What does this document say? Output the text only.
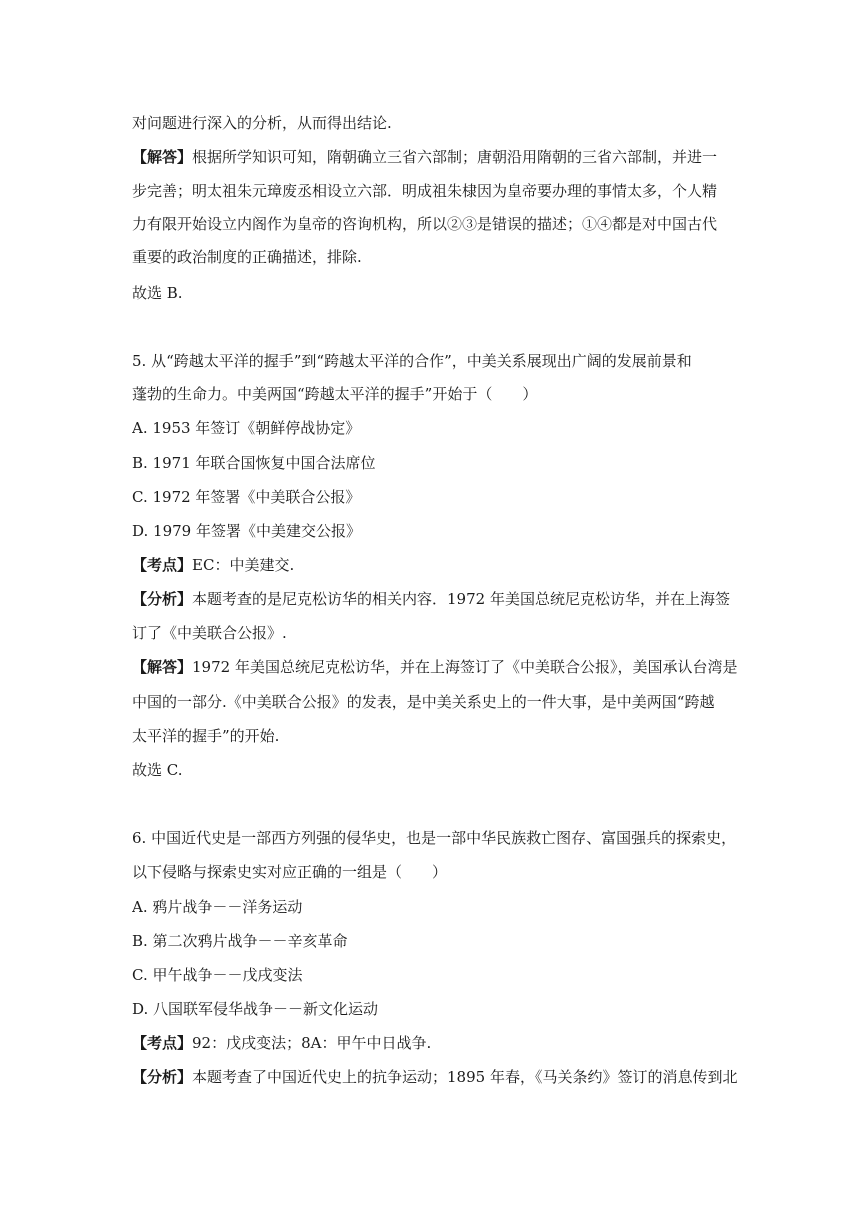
对问题进行深入的分析，从而得出结论.
【解答】根据所学知识可知，隋朝确立三省六部制；唐朝沿用隋朝的三省六部制，并进一
步完善；明太祖朱元璋废丞相设立六部．明成祖朱棣因为皇帝要办理的事情太多，个人精
力有限开始设立内阁作为皇帝的咨询机构，所以②③是错误的描述；①④都是对中国古代
重要的政治制度的正确描述，排除.
故选 B.
5. 从“跨越太平洋的握手”到“跨越太平洋的合作”，中美关系展现出广阔的发展前景和
蓬勃的生命力。中美两国“跨越太平洋的握手”开始于（　　）
A. 1953 年签订《朝鲜停战协定》
B. 1971 年联合国恢复中国合法席位
C. 1972 年签署《中美联合公报》
D. 1979 年签署《中美建交公报》
【考点】EC：中美建交.
【分析】本题考查的是尼克松访华的相关内容．1972 年美国总统尼克松访华，并在上海签
订了《中美联合公报》.
【解答】1972 年美国总统尼克松访华，并在上海签订了《中美联合公报》，美国承认台湾是
中国的一部分.《中美联合公报》的发表，是中美关系史上的一件大事，是中美两国“跨越
太平洋的握手”的开始.
故选 C.
6. 中国近代史是一部西方列强的侵华史，也是一部中华民族救亡图存、富国强兵的探索史，
以下侵略与探索史实对应正确的一组是（　　）
A. 鸦片战争－－洋务运动
B. 第二次鸦片战争－－辛亥革命
C. 甲午战争－－戊戌变法
D. 八国联军侵华战争－－新文化运动
【考点】92：戊戌变法；8A：甲午中日战争.
【分析】本题考查了中国近代史上的抗争运动；1895 年春，《马关条约》签订的消息传到北
